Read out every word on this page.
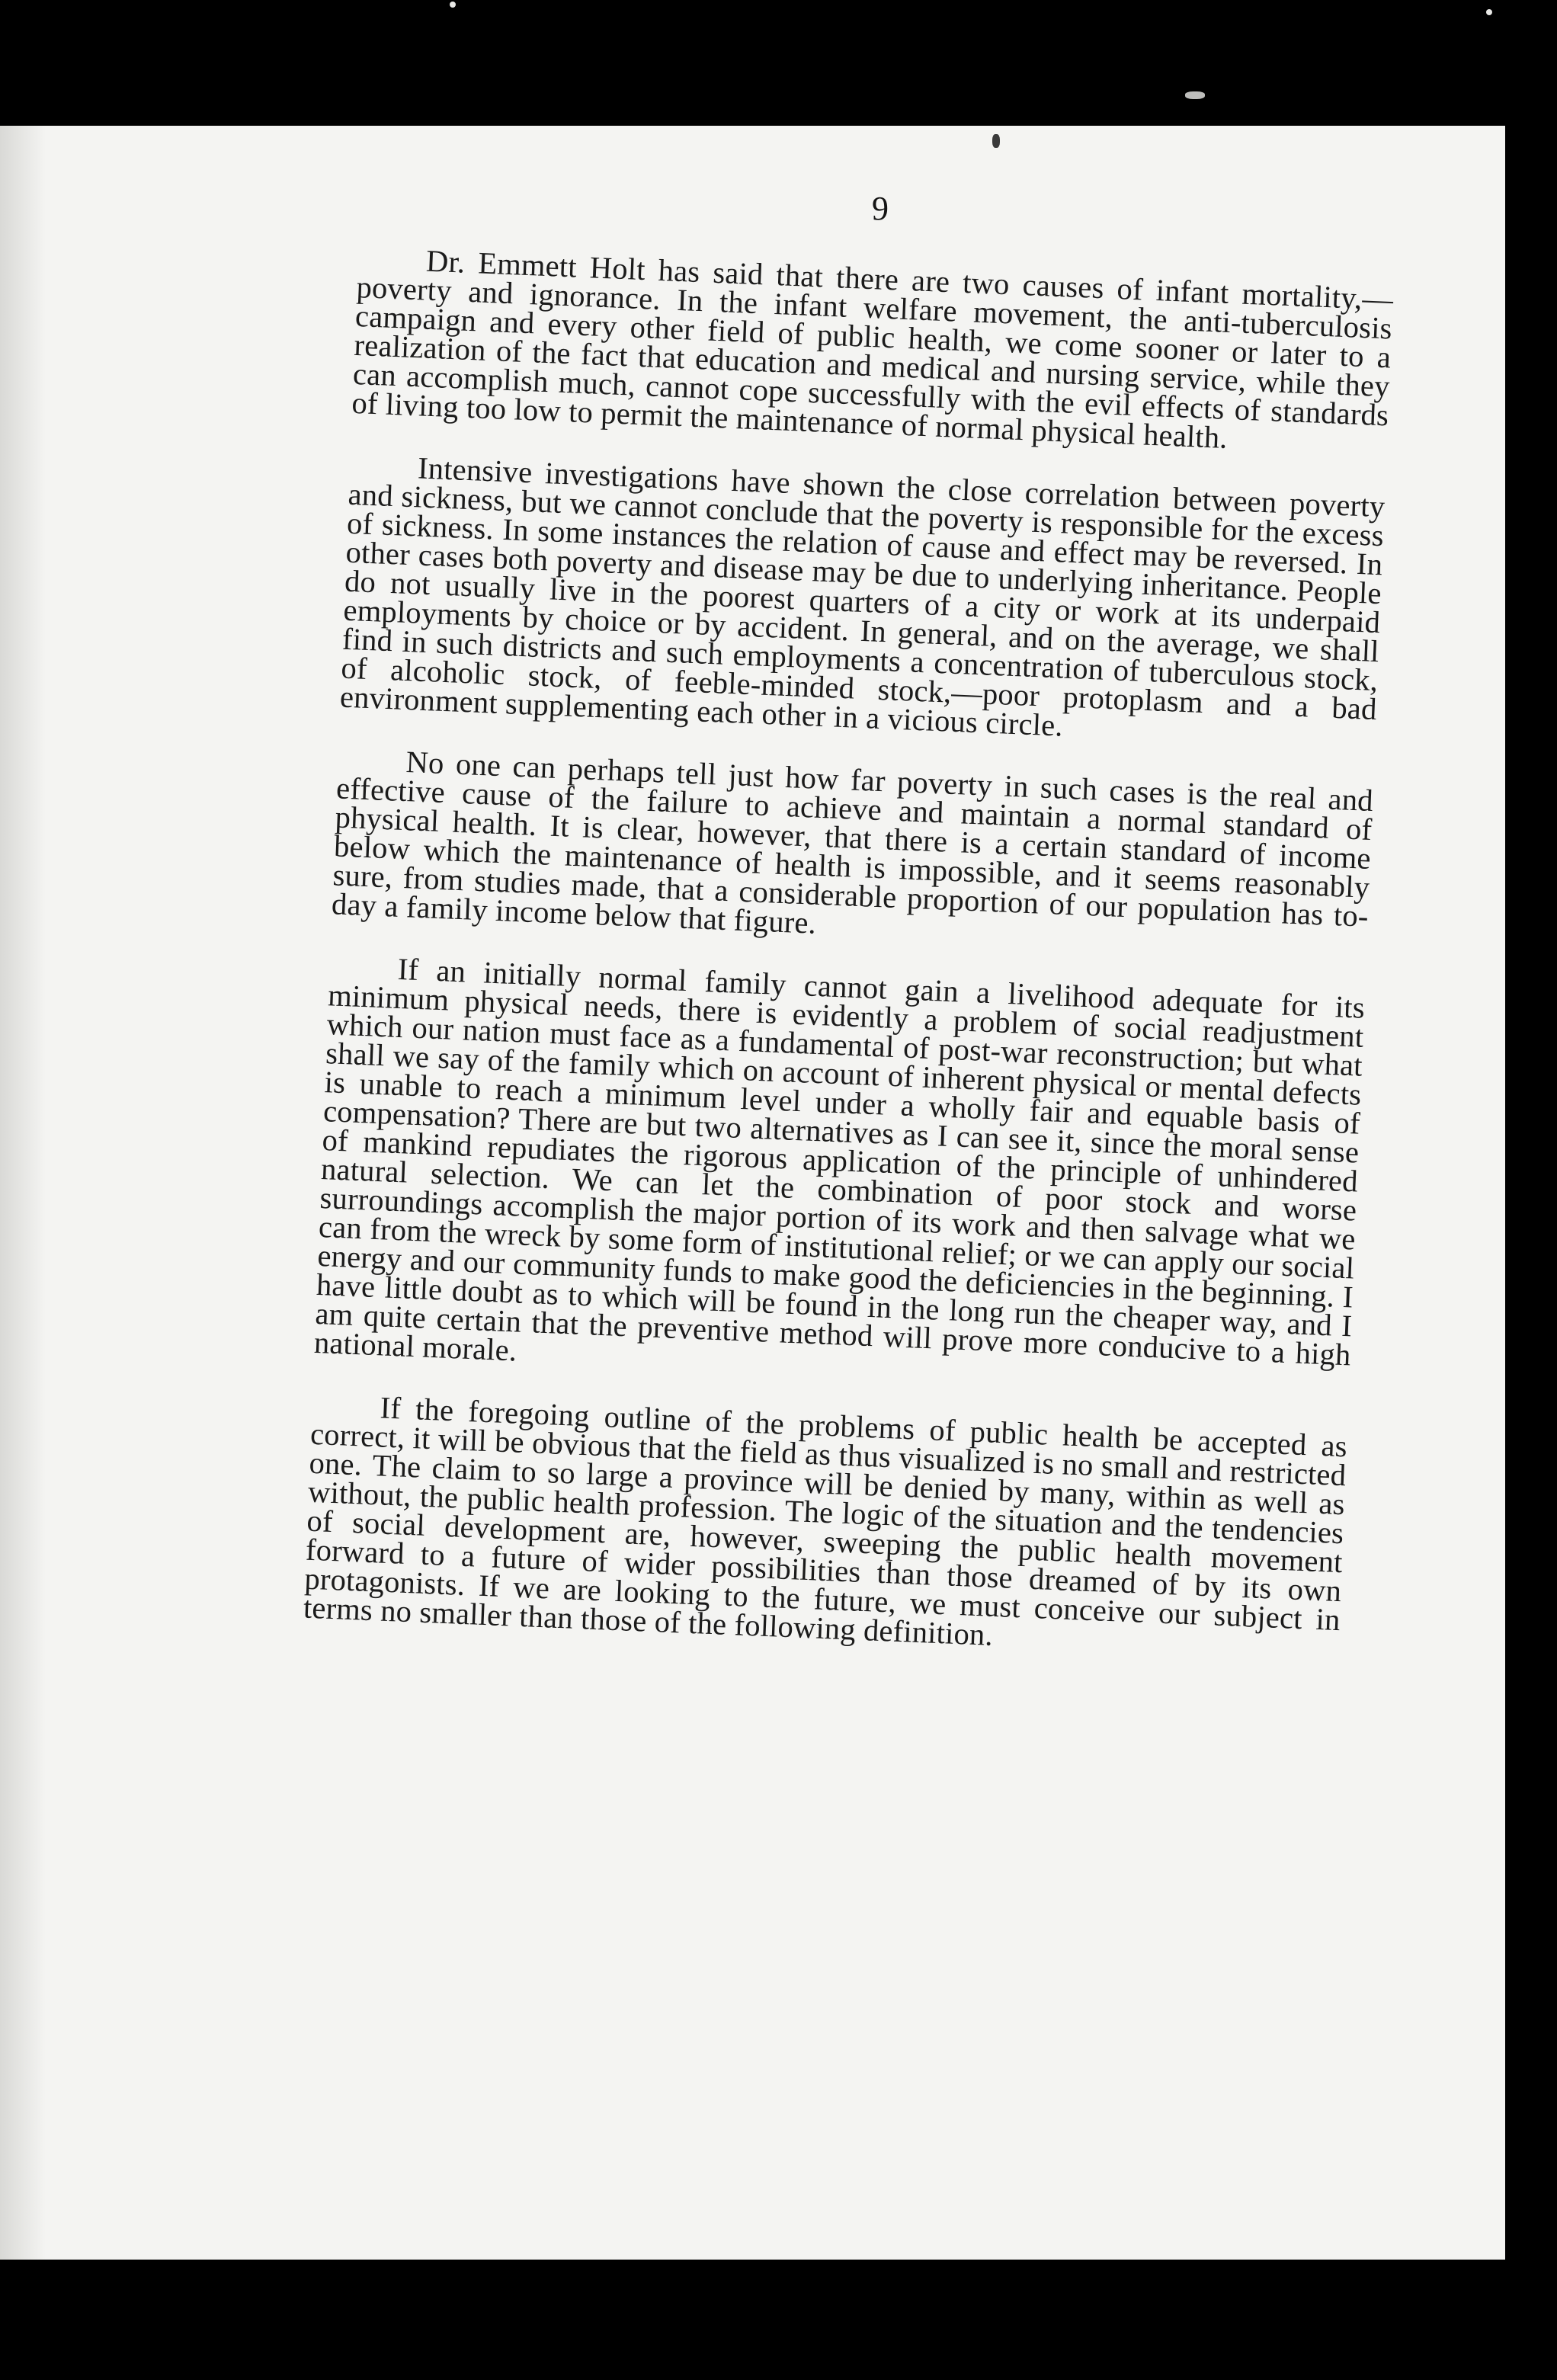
9

Dr. Emmett Holt has said that there are two causes of infant mortality,—poverty and ignorance. In the infant welfare movement, the anti-tuberculosis campaign and every other field of public health, we come sooner or later to a realization of the fact that education and medical and nursing service, while they can accomplish much, cannot cope successfully with the evil effects of standards of living too low to permit the maintenance of normal physical health.

Intensive investigations have shown the close correlation between poverty and sickness, but we cannot conclude that the poverty is responsible for the excess of sickness. In some instances the relation of cause and effect may be reversed. In other cases both poverty and disease may be due to underlying inheritance. People do not usually live in the poorest quarters of a city or work at its underpaid employments by choice or by accident. In general, and on the average, we shall find in such districts and such employments a concentration of tuberculous stock, of alcoholic stock, of feeble-minded stock,—poor protoplasm and a bad environment supplementing each other in a vicious circle.

No one can perhaps tell just how far poverty in such cases is the real and effective cause of the failure to achieve and maintain a normal standard of physical health. It is clear, however, that there is a certain standard of income below which the maintenance of health is impossible, and it seems reasonably sure, from studies made, that a considerable proportion of our population has to-day a family income below that figure.

If an initially normal family cannot gain a livelihood adequate for its minimum physical needs, there is evidently a problem of social readjustment which our nation must face as a fundamental of post-war reconstruction; but what shall we say of the family which on account of inherent physical or mental defects is unable to reach a minimum level under a wholly fair and equable basis of compensation? There are but two alternatives as I can see it, since the moral sense of mankind repudiates the rigorous application of the principle of unhindered natural selection. We can let the combination of poor stock and worse surroundings accomplish the major portion of its work and then salvage what we can from the wreck by some form of institutional relief; or we can apply our social energy and our community funds to make good the deficiencies in the beginning. I have little doubt as to which will be found in the long run the cheaper way, and I am quite certain that the preventive method will prove more conducive to a high national morale.

If the foregoing outline of the problems of public health be accepted as correct, it will be obvious that the field as thus visualized is no small and restricted one. The claim to so large a province will be denied by many, within as well as without, the public health profession. The logic of the situation and the tendencies of social development are, however, sweeping the public health movement forward to a future of wider possibilities than those dreamed of by its own protagonists. If we are looking to the future, we must conceive our subject in terms no smaller than those of the following definition.
